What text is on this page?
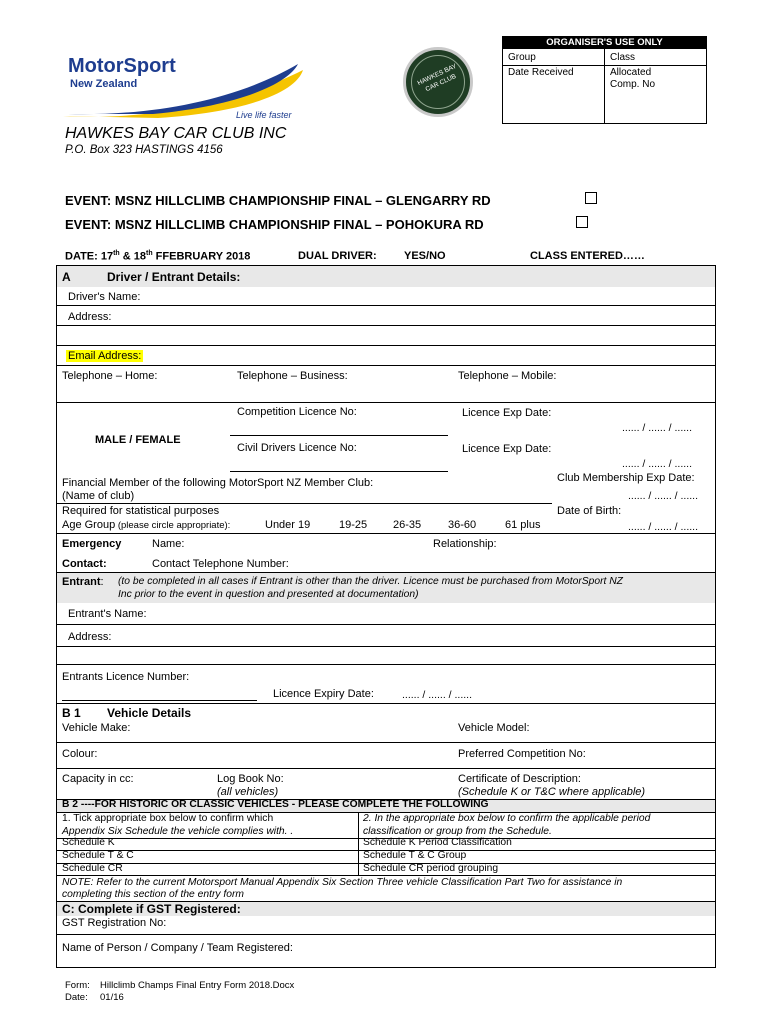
ORGANISER'S USE ONLY
Group	Class
Date Received	Allocated Comp. No
MotorSport
New Zealand
Live life faster
HAWKES BAY CAR CLUB
HAWKES BAY CAR CLUB INC
P.O. Box 323 HASTINGS 4156
EVENT: MSNZ HILLCLIMB CHAMPIONSHIP FINAL – GLENGARRY RD
EVENT: MSNZ HILLCLIMB CHAMPIONSHIP FINAL – POHOKURA RD
DATE: 17th & 18th FFEBRUARY 2018	DUAL DRIVER: YES/NO	CLASS ENTERED……
A	Driver / Entrant Details:
Driver's Name:
Address:
Email Address:
Telephone – Home:	Telephone – Business:	Telephone – Mobile:
Competition Licence No:	Licence Exp Date:
...... / ...... / ......
MALE / FEMALE
Civil Drivers Licence No:	Licence Exp Date:
...... / ...... / ......
Club Membership Exp Date:
Financial Member of the following MotorSport NZ Member Club:
(Name of club)	...... / ...... / ......
Required for statistical purposes	Date of Birth:
Age Group (please circle appropriate):	Under 19	19-25 26-35 36-60	61 plus	...... / ...... / ......
Emergency	Name:	Relationship:
Contact:	Contact Telephone Number:
Entrant: (to be completed in all cases if Entrant is other than the driver. Licence must be purchased from MotorSport NZ
Inc prior to the event in question and presented at documentation)
Entrant's Name:
Address:
Entrants Licence Number:
Licence Expiry Date:	...... / ...... / ......
B 1 Vehicle Details
Vehicle Make:	Vehicle Model:
Colour:	Preferred Competition No:
Capacity in cc:	Log Book No:
(all vehicles)
Certificate of Description:
(Schedule K or T&C where applicable)
B 2 ----FOR HISTORIC OR CLASSIC VEHICLES - PLEASE COMPLETE THE FOLLOWING
1. Tick appropriate box below to confirm which
Appendix Six Schedule the vehicle complies with. .
2. In the appropriate box below to confirm the applicable period
classification or group from the Schedule.
Schedule K	Schedule K Period Classification
Schedule T & C	Schedule T & C Group
Schedule CR	Schedule CR period grouping
NOTE: Refer to the current Motorsport Manual Appendix Six Section Three vehicle Classification Part Two for assistance in
completing this section of the entry form
C: Complete if GST Registered:
GST Registration No:
Name of Person / Company / Team Registered:
Form: Hillclimb Champs Final Entry Form 2018.Docx
Date: 01/16
